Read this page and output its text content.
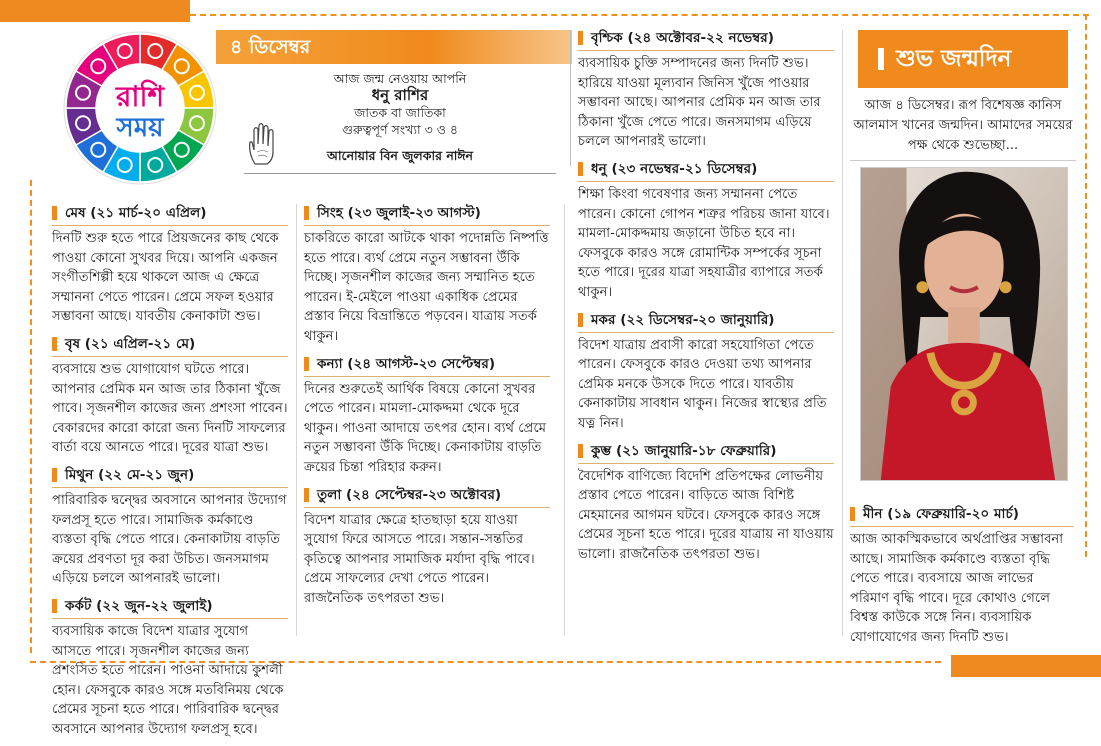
রাশি
সময়
৪ ডিসেম্বর
আজ জন্ম নেওয়ায় আপনি
ধনু রাশির
জাতক বা জাতিকা
গুরুত্বপূর্ণ সংখ্যা ৩ ও ৪
আনোয়ার বিন জুলকার নাঈন
মেষ (২১ মার্চ-২০ এপ্রিল)
দিনটি শুরু হতে পারে প্রিয়জনের কাছ থেকে পাওয়া কোনো সুখবর দিয়ে। আপনি একজন সংগীতশিল্পী হয়ে থাকলে আজ এ ক্ষেত্রে সম্মাননা পেতে পারেন। প্রেমে সফল হওয়ার সম্ভাবনা আছে। যাবতীয় কেনাকাটা শুভ।
বৃষ (২১ এপ্রিল-২১ মে)
ব্যবসায়ে শুভ যোগাযোগ ঘটতে পারে। আপনার প্রেমিক মন আজ তার ঠিকানা খুঁজে পাবে। সৃজনশীল কাজের জন্য প্রশংসা পাবেন। বেকারদের কারো কারো জন্য দিনটি সাফল্যের বার্তা বয়ে আনতে পারে। দূরের যাত্রা শুভ।
মিথুন (২২ মে-২১ জুন)
পারিবারিক দ্বন্দ্বের অবসানে আপনার উদ্যোগ ফলপ্রসূ হতে পারে। সামাজিক কর্মকাণ্ডে ব্যস্ততা বৃদ্ধি পেতে পারে। কেনাকাটায় বাড়তি ক্রয়ের প্রবণতা দূর করা উচিত। জনসমাগম এড়িয়ে চললে আপনারই ভালো।
কর্কট (২২ জুন-২২ জুলাই)
ব্যবসায়িক কাজে বিদেশ যাত্রার সুযোগ আসতে পারে। সৃজনশীল কাজের জন্য প্রশংসিত হতে পারেন। পাওনা আদায়ে কুশলী হোন। ফেসবুকে কারও সঙ্গে মতবিনিময় থেকে প্রেমের সূচনা হতে পারে। পারিবারিক দ্বন্দ্বের অবসানে আপনার উদ্যোগ ফলপ্রসূ হবে।
সিংহ (২৩ জুলাই-২৩ আগস্ট)
চাকরিতে কারো আটকে থাকা পদোন্নতি নিষ্পত্তি হতে পারে। ব্যর্থ প্রেমে নতুন সম্ভাবনা উঁকি দিচ্ছে। সৃজনশীল কাজের জন্য সম্মানিত হতে পারেন। ই-মেইলে পাওয়া একাধিক প্রেমের প্রস্তাব নিয়ে বিভ্রান্তিতে পড়বেন। যাত্রায় সতর্ক থাকুন।
কন্যা (২৪ আগস্ট-২৩ সেপ্টেম্বর)
দিনের শুরুতেই আর্থিক বিষয়ে কোনো সুখবর পেতে পারেন। মামলা-মোকদ্দমা থেকে দূরে থাকুন। পাওনা আদায়ে তৎপর হোন। ব্যর্থ প্রেমে নতুন সম্ভাবনা উঁকি দিচ্ছে। কেনাকাটায় বাড়তি ক্রয়ের চিন্তা পরিহার করুন।
তুলা (২৪ সেপ্টেম্বর-২৩ অক্টোবর)
বিদেশ যাত্রার ক্ষেত্রে হাতছাড়া হয়ে যাওয়া সুযোগ ফিরে আসতে পারে। সন্তান-সন্ততির কৃতিত্বে আপনার সামাজিক মর্যাদা বৃদ্ধি পাবে। প্রেমে সাফল্যের দেখা পেতে পারেন। রাজনৈতিক তৎপরতা শুভ।
বৃশ্চিক (২৪ অক্টোবর-২২ নভেম্বর)
ব্যবসায়িক চুক্তি সম্পাদনের জন্য দিনটি শুভ। হারিয়ে যাওয়া মূল্যবান জিনিস খুঁজে পাওয়ার সম্ভাবনা আছে। আপনার প্রেমিক মন আজ তার ঠিকানা খুঁজে পেতে পারে। জনসমাগম এড়িয়ে চললে আপনারই ভালো।
ধনু (২৩ নভেম্বর-২১ ডিসেম্বর)
শিক্ষা কিংবা গবেষণার জন্য সম্মাননা পেতে পারেন। কোনো গোপন শত্রুর পরিচয় জানা যাবে। মামলা-মোকদ্দমায় জড়ানো উচিত হবে না। ফেসবুকে কারও সঙ্গে রোমান্টিক সম্পর্কের সূচনা হতে পারে। দূরের যাত্রা সহযাত্রীর ব্যাপারে সতর্ক থাকুন।
মকর (২২ ডিসেম্বর-২০ জানুয়ারি)
বিদেশ যাত্রায় প্রবাসী কারো সহযোগিতা পেতে পারেন। ফেসবুকে কারও দেওয়া তথ্য আপনার প্রেমিক মনকে উসকে দিতে পারে। যাবতীয় কেনাকাটায় সাবধান থাকুন। নিজের স্বাস্থ্যের প্রতি যত্ন নিন।
কুম্ভ (২১ জানুয়ারি-১৮ ফেব্রুয়ারি)
বৈদেশিক বাণিজ্যে বিদেশি প্রতিপক্ষের লোভনীয় প্রস্তাব পেতে পারেন। বাড়িতে আজ বিশিষ্ট মেহমানের আগমন ঘটবে। ফেসবুকে কারও সঙ্গে প্রেমের সূচনা হতে পারে। দূরের যাত্রায় না যাওয়ায় ভালো। রাজনৈতিক তৎপরতা শুভ।
শুভ জন্মদিন
আজ ৪ ডিসেম্বর। রূপ বিশেষজ্ঞ কানিস আলমাস খানের জন্মদিন। আমাদের সময়ের পক্ষ থেকে শুভেচ্ছা...
মীন (১৯ ফেব্রুয়ারি-২০ মার্চ)
আজ আকস্মিকভাবে অর্থপ্রাপ্তির সম্ভাবনা আছে। সামাজিক কর্মকাণ্ডে ব্যস্ততা বৃদ্ধি পেতে পারে। ব্যবসায়ে আজ লাভের পরিমাণ বৃদ্ধি পাবে। দূরে কোথাও গেলে বিশ্বস্ত কাউকে সঙ্গে নিন। ব্যবসায়িক যোগাযোগের জন্য দিনটি শুভ।
